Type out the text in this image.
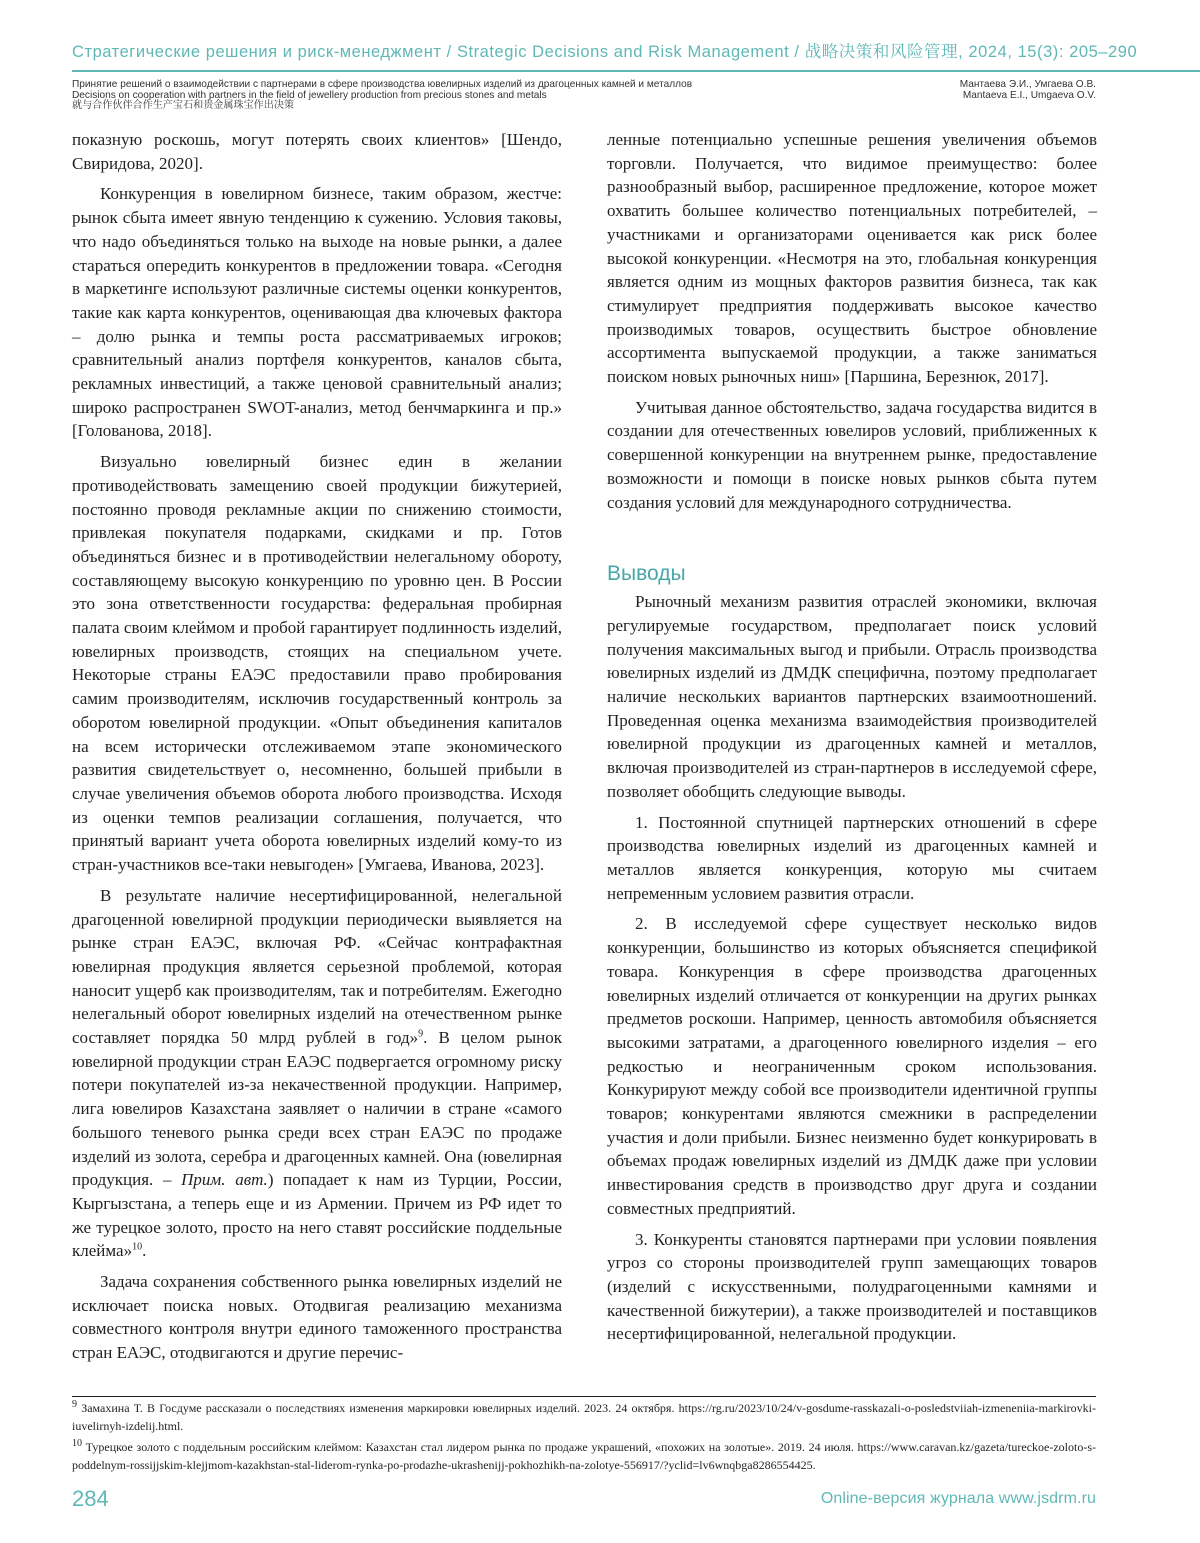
Стратегические решения и риск-менеджмент / Strategic Decisions and Risk Management / 战略决策和风险管理, 2024, 15(3): 205–290
Принятие решений о взаимодействии с партнерами в сфере производства ювелирных изделий из драгоценных камней и металлов
Decisions on cooperation with partners in the field of jewellery production from precious stones and metals
就与合作伙伴合作生产宝石和贵金属珠宝作出决策
Мантаева Э.И., Умгаева О.В.
Mantaeva E.I., Umgaeva O.V.

показную роскошь, могут потерять своих клиентов» [Шендо, Свиридова, 2020].

Конкуренция в ювелирном бизнесе, таким образом, жестче: рынок сбыта имеет явную тенденцию к сужению. Условия таковы, что надо объединяться только на выходе на новые рынки, а далее стараться опередить конкурентов в предложении товара. «Сегодня в маркетинге используют различные системы оценки конкурентов, такие как карта конкурентов, оценивающая два ключевых фактора – долю рынка и темпы роста рассматриваемых игроков; сравнительный анализ портфеля конкурентов, каналов сбыта, рекламных инвестиций, а также ценовой сравнительный анализ; широко распространен SWOT-анализ, метод бенчмаркинга и пр.» [Голованова, 2018].

Визуально ювелирный бизнес един в желании противодействовать замещению своей продукции бижутерией, постоянно проводя рекламные акции по снижению стоимости, привлекая покупателя подарками, скидками и пр. Готов объединяться бизнес и в противодействии нелегальному обороту, составляющему высокую конкуренцию по уровню цен. В России это зона ответственности государства: федеральная пробирная палата своим клеймом и пробой гарантирует подлинность изделий, ювелирных производств, стоящих на специальном учете. Некоторые страны ЕАЭС предоставили право пробирования самим производителям, исключив государственный контроль за оборотом ювелирной продукции. «Опыт объединения капиталов на всем исторически отслеживаемом этапе экономического развития свидетельствует о, несомненно, большей прибыли в случае увеличения объемов оборота любого производства. Исходя из оценки темпов реализации соглашения, получается, что принятый вариант учета оборота ювелирных изделий кому-то из стран-участников все-таки невыгоден» [Умгаева, Иванова, 2023].

В результате наличие несертифицированной, нелегальной драгоценной ювелирной продукции периодически выявляется на рынке стран ЕАЭС, включая РФ. «Сейчас контрафактная ювелирная продукция является серьезной проблемой, которая наносит ущерб как производителям, так и потребителям. Ежегодно нелегальный оборот ювелирных изделий на отечественном рынке составляет порядка 50 млрд рублей в год»$^9$. В целом рынок ювелирной продукции стран ЕАЭС подвергается огромному риску потери покупателей из-за некачественной продукции. Например, лига ювелиров Казахстана заявляет о наличии в стране «самого большого теневого рынка среди всех стран ЕАЭС по продаже изделий из золота, серебра и драгоценных камней. Она (ювелирная продукция. – Прим. авт.) попадает к нам из Турции, России, Кыргызстана, а теперь еще и из Армении. Причем из РФ идет то же турецкое золото, просто на него ставят российские поддельные клейма»$^{10}$.

Задача сохранения собственного рынка ювелирных изделий не исключает поиска новых. Отодвигая реализацию механизма совместного контроля внутри единого таможенного пространства стран ЕАЭС, отодвигаются и другие перечис-

ленные потенциально успешные решения увеличения объемов торговли. Получается, что видимое преимущество: более разнообразный выбор, расширенное предложение, которое может охватить большее количество потенциальных потребителей, – участниками и организаторами оценивается как риск более высокой конкуренции. «Несмотря на это, глобальная конкуренция является одним из мощных факторов развития бизнеса, так как стимулирует предприятия поддерживать высокое качество производимых товаров, осуществить быстрое обновление ассортимента выпускаемой продукции, а также заниматься поиском новых рыночных ниш» [Паршина, Березнюк, 2017].

Учитывая данное обстоятельство, задача государства видится в создании для отечественных ювелиров условий, приближенных к совершенной конкуренции на внутреннем рынке, предоставление возможности и помощи в поиске новых рынков сбыта путем создания условий для международного сотрудничества.

Выводы

Рыночный механизм развития отраслей экономики, включая регулируемые государством, предполагает поиск условий получения максимальных выгод и прибыли. Отрасль производства ювелирных изделий из ДМДК специфична, поэтому предполагает наличие нескольких вариантов партнерских взаимоотношений. Проведенная оценка механизма взаимодействия производителей ювелирной продукции из драгоценных камней и металлов, включая производителей из стран-партнеров в исследуемой сфере, позволяет обобщить следующие выводы.

1. Постоянной спутницей партнерских отношений в сфере производства ювелирных изделий из драгоценных камней и металлов является конкуренция, которую мы считаем непременным условием развития отрасли.

2. В исследуемой сфере существует несколько видов конкуренции, большинство из которых объясняется спецификой товара. Конкуренция в сфере производства драгоценных ювелирных изделий отличается от конкуренции на других рынках предметов роскоши. Например, ценность автомобиля объясняется высокими затратами, а драгоценного ювелирного изделия – его редкостью и неограниченным сроком использования. Конкурируют между собой все производители идентичной группы товаров; конкурентами являются смежники в распределении участия и доли прибыли. Бизнес неизменно будет конкурировать в объемах продаж ювелирных изделий из ДМДК даже при условии инвестирования средств в производство друг друга и создании совместных предприятий.

3. Конкуренты становятся партнерами при условии появления угроз со стороны производителей групп замещающих товаров (изделий с искусственными, полудрагоценными камнями и качественной бижутерии), а также производителей и поставщиков несертифицированной, нелегальной продукции.

$^9$ Замахина Т. В Госдуме рассказали о последствиях изменения маркировки ювелирных изделий. 2023. 24 октября. https://rg.ru/2023/10/24/v-gosdume-rasskazali-o-posledstviiah-izmeneniia-markirovki-iuvelirnyh-izdelij.html.

$^{10}$ Турецкое золото с поддельным российским клеймом: Казахстан стал лидером рынка по продаже украшений, «похожих на золотые». 2019. 24 июля. https://www.caravan.kz/gazeta/tureckoe-zoloto-s-poddelnym-rossijjskim-klejjmom-kazakhstan-stal-liderom-rynka-po-prodazhe-ukrashenijj-pokhozhikh-na-zolotye-556917/?yclid=lv6wnqbga8286554425.

284	Online-версия журнала www.jsdrm.ru
